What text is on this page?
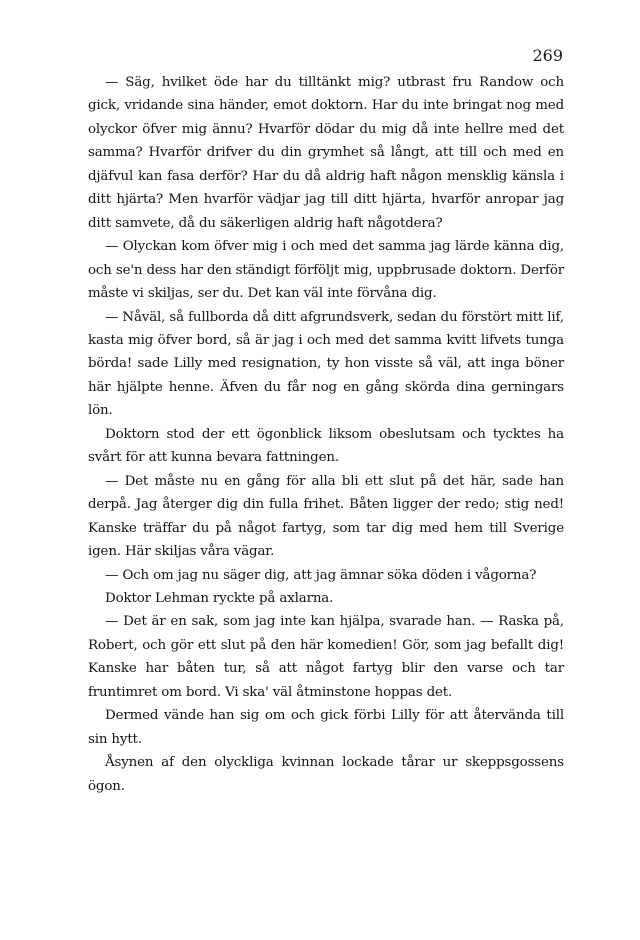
269

— Säg, hvilket öde har du tilltänkt mig? utbrast fru Randow och gick, vridande sina händer, emot doktorn. Har du inte bringat nog med olyckor öfver mig ännu? Hvarför dödar du mig då inte hellre med det samma? Hvarför drifver du din grymhet så långt, att till och med en djäfvul kan fasa derför? Har du då aldrig haft någon mensklig känsla i ditt hjärta? Men hvarför vädjar jag till ditt hjärta, hvarför anropar jag ditt samvete, då du säkerligen aldrig haft någotdera?

— Olyckan kom öfver mig i och med det samma jag lärde känna dig, och se'n dess har den ständigt förföljt mig, uppbrusade doktorn. Derför måste vi skiljas, ser du. Det kan väl inte förvåna dig.

— Nåväl, så fullborda då ditt afgrundsverk, sedan du förstört mitt lif, kasta mig öfver bord, så är jag i och med det samma kvitt lifvets tunga börda! sade Lilly med resignation, ty hon visste så väl, att inga böner här hjälpte henne. Äfven du får nog en gång skörda dina gerningars lön.

Doktorn stod der ett ögonblick liksom obeslutsam och tycktes ha svårt för att kunna bevara fattningen.

— Det måste nu en gång för alla bli ett slut på det här, sade han derpå. Jag återger dig din fulla frihet. Båten ligger der redo; stig ned! Kanske träffar du på något fartyg, som tar dig med hem till Sverige igen. Här skiljas våra vägar.

— Och om jag nu säger dig, att jag ämnar söka döden i vågorna?

Doktor Lehman ryckte på axlarna.

— Det är en sak, som jag inte kan hjälpa, svarade han. — Raska på, Robert, och gör ett slut på den här komedien! Gör, som jag befallt dig! Kanske har båten tur, så att något fartyg blir den varse och tar fruntimret om bord. Vi ska' väl åtminstone hoppas det.

Dermed vände han sig om och gick förbi Lilly för att återvända till sin hytt.

Åsynen af den olyckliga kvinnan lockade tårar ur skeppsgossens ögon.
